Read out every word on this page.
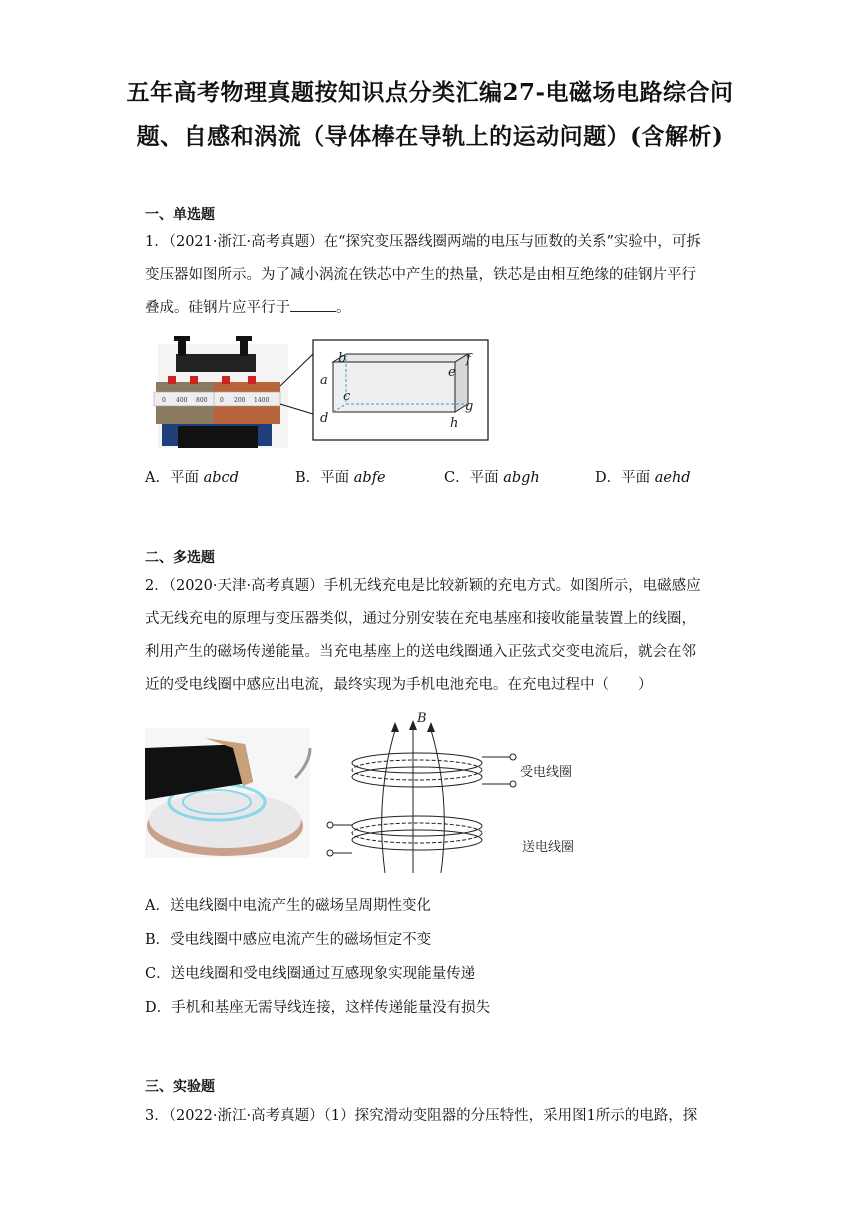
五年高考物理真题按知识点分类汇编27-电磁场电路综合问
题、自感和涡流（导体棒在导轨上的运动问题）(含解析)
一、单选题
1．（2021·浙江·高考真题）在“探究变压器线圈两端的电压与匝数的关系”实验中，可拆
变压器如图所示。为了减小涡流在铁芯中产生的热量，铁芯是由相互绝缘的硅钢片平行
叠成。硅钢片应平行于	。
0 400 800 0 200 1400
b
a
c
d
e
f
g
h
A．平面 abcd	B．平面 abfe	C．平面 abgh	D．平面 aehd
二、多选题
2．（2020·天津·高考真题）手机无线充电是比较新颖的充电方式。如图所示，电磁感应
式无线充电的原理与变压器类似，通过分别安装在充电基座和接收能量装置上的线圈，
利用产生的磁场传递能量。当充电基座上的送电线圈通入正弦式交变电流后，就会在邻
近的受电线圈中感应出电流，最终实现为手机电池充电。在充电过程中（　　）
B
受电线圈
送电线圈
A．送电线圈中电流产生的磁场呈周期性变化
B．受电线圈中感应电流产生的磁场恒定不变
C．送电线圈和受电线圈通过互感现象实现能量传递
D．手机和基座无需导线连接，这样传递能量没有损失
三、实验题
3．（2022·浙江·高考真题）（1）探究滑动变阻器的分压特性，采用图1所示的电路，探
